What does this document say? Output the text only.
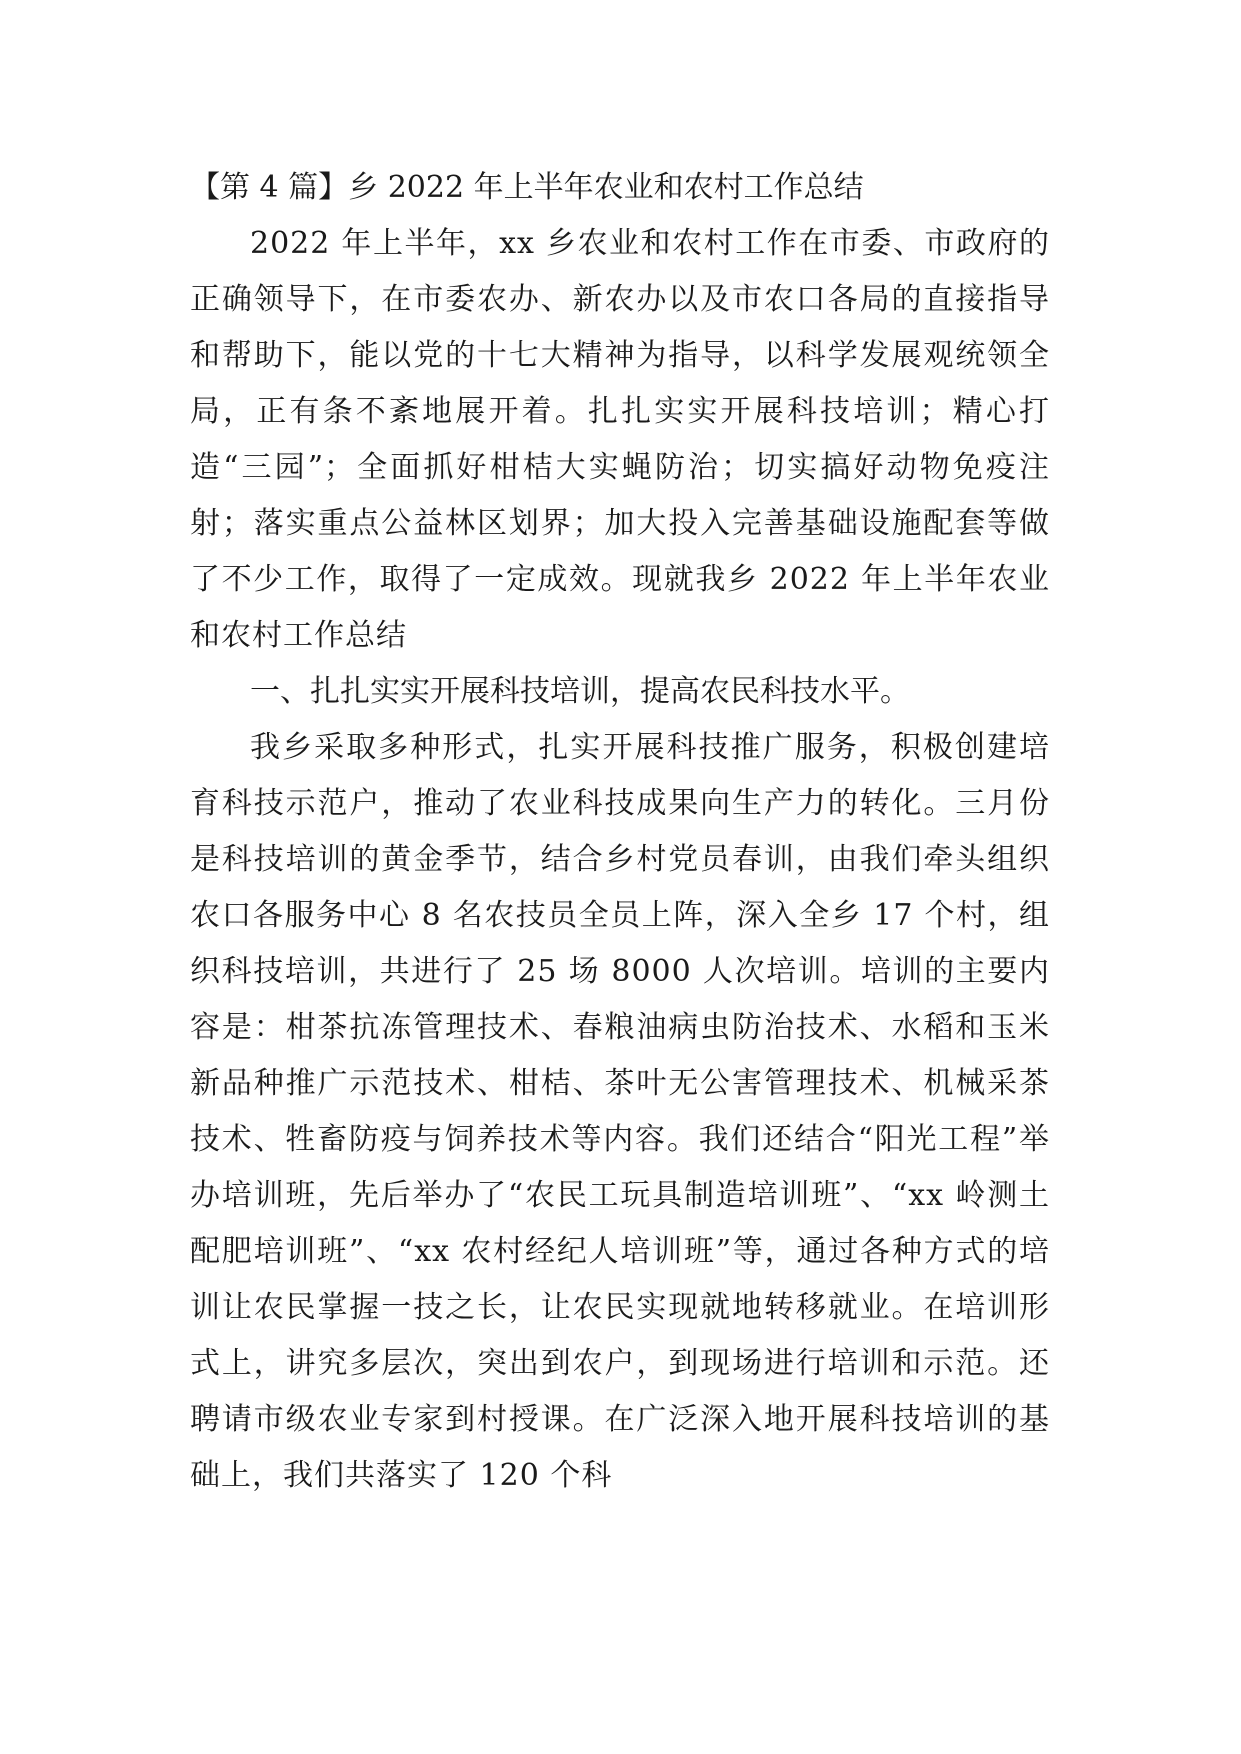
【第 4 篇】乡 2022 年上半年农业和农村工作总结

2022 年上半年，xx 乡农业和农村工作在市委、市政府的正确领导下，在市委农办、新农办以及市农口各局的直接指导和帮助下，能以党的十七大精神为指导，以科学发展观统领全局，正有条不紊地展开着。扎扎实实开展科技培训；精心打造“三园”；全面抓好柑桔大实蝇防治；切实搞好动物免疫注射；落实重点公益林区划界；加大投入完善基础设施配套等做了不少工作，取得了一定成效。现就我乡 2022 年上半年农业和农村工作总结

一、扎扎实实开展科技培训，提高农民科技水平。

我乡采取多种形式，扎实开展科技推广服务，积极创建培育科技示范户，推动了农业科技成果向生产力的转化。三月份是科技培训的黄金季节，结合乡村党员春训，由我们牵头组织农口各服务中心 8 名农技员全员上阵，深入全乡 17 个村，组织科技培训，共进行了 25 场 8000 人次培训。培训的主要内容是：柑茶抗冻管理技术、春粮油病虫防治技术、水稻和玉米新品种推广示范技术、柑桔、茶叶无公害管理技术、机械采茶技术、牲畜防疫与饲养技术等内容。我们还结合“阳光工程”举办培训班，先后举办了“农民工玩具制造培训班”、“xx 岭测土配肥培训班”、“xx 农村经纪人培训班”等，通过各种方式的培训让农民掌握一技之长，让农民实现就地转移就业。在培训形式上，讲究多层次，突出到农户，到现场进行培训和示范。还聘请市级农业专家到村授课。在广泛深入地开展科技培训的基础上，我们共落实了 120 个科
